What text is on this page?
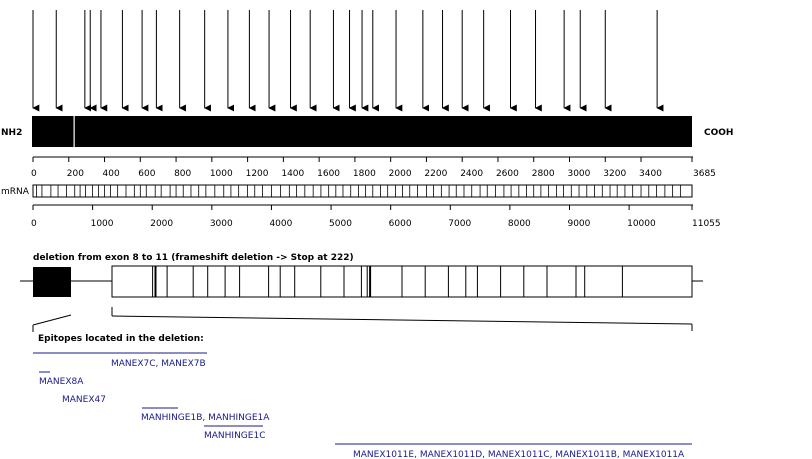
NH2	COOH
0	200 400 600 800 1000 1200 1400 1600 1800 2000 2200 2400 2600 2800 3000 3200 3400	3685
mRNA
0	1000	2000	3000	4000	5000	6000	7000	8000	9000	10000	11055
deletion from exon 8 to 11 (frameshift deletion -> Stop at 222)
Epitopes located in the deletion:
MANEX7C, MANEX7B
MANEX8A
MANEX47
MANHINGE1B, MANHINGE1A
MANHINGE1C
MANEX1011E, MANEX1011D, MANEX1011C, MANEX1011B, MANEX1011A
